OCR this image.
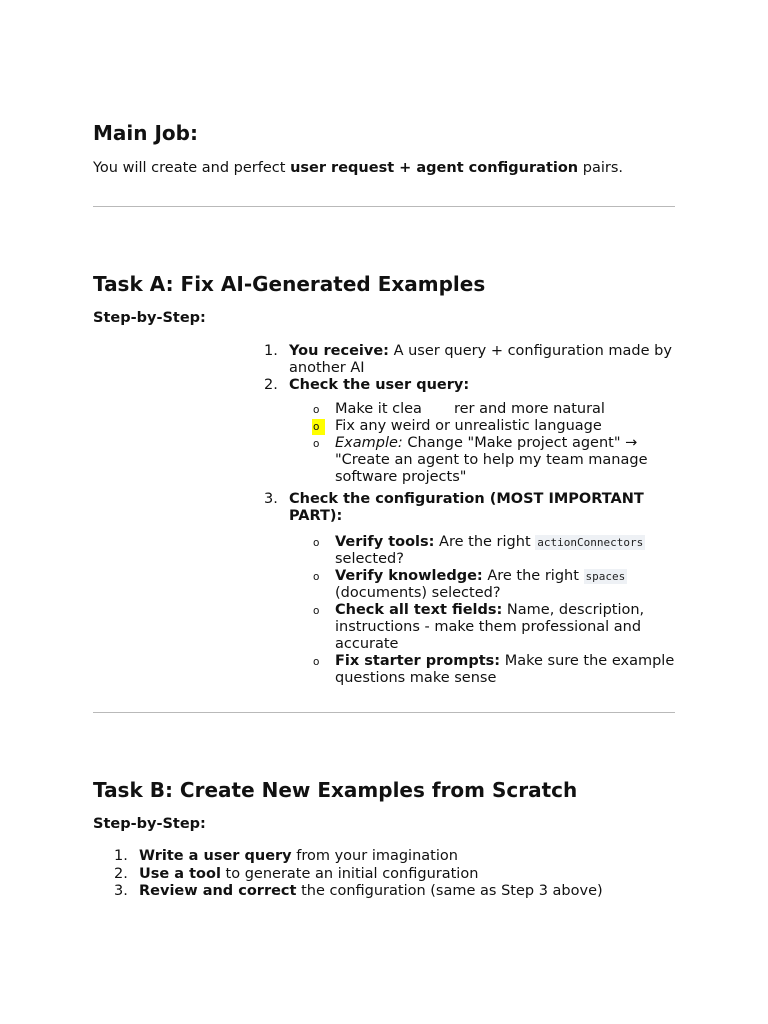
Main Job:

You will create and perfect user request + agent configuration pairs.

Task A: Fix AI-Generated Examples
Step-by-Step:
1. You receive: A user query + configuration made by another AI
2. Check the user query:
o Make it clea rer and more natural
o	Fix any weird or unrealistic language
o Example: Change "Make project agent" → "Create an agent to help my team manage software projects"
3. Check the configuration (MOST IMPORTANT PART):
o Verify tools: Are the right actionConnectors selected?
o Verify knowledge: Are the right spaces (documents) selected?
o Check all text fields: Name, description, instructions - make them professional and accurate
o Fix starter prompts: Make sure the example questions make sense
Task B: Create New Examples from Scratch
Step-by-Step:
1. Write a user query from your imagination
2. Use a tool to generate an initial configuration
3. Review and correct the configuration (same as Step 3 above)
